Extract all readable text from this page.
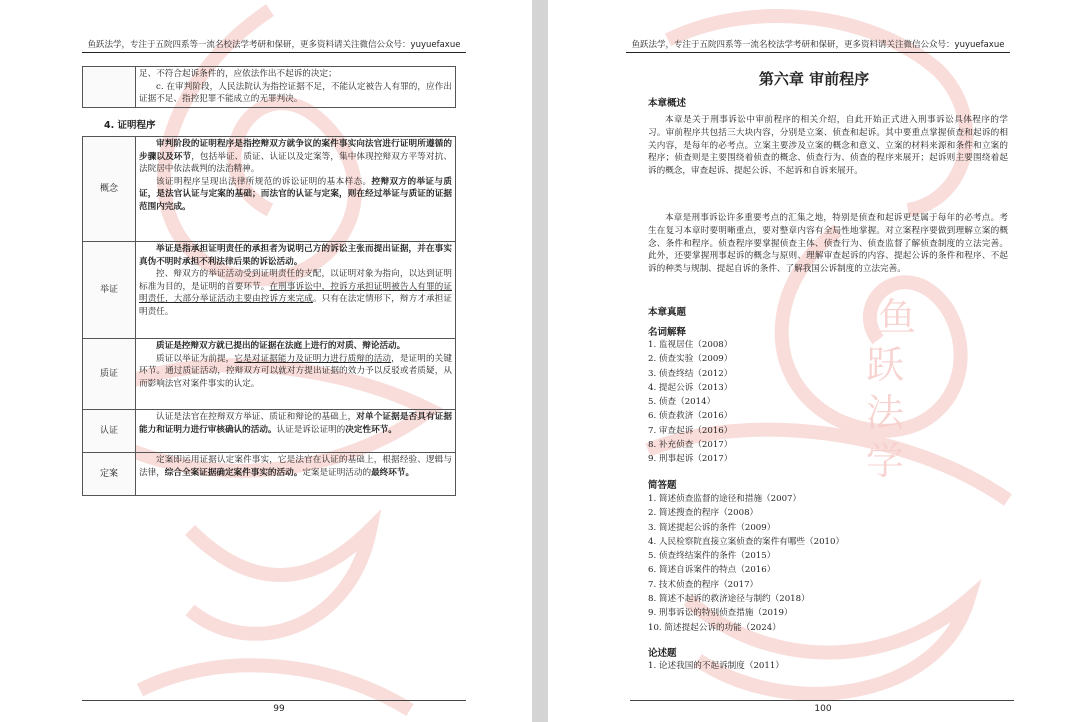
鱼跃法学，专注于五院四系等一流名校法学考研和保研，更多资料请关注微信公众号：yuyuefaxue

足、不符合起诉条件的，应依法作出不起诉的决定；
c. 在审判阶段，人民法院认为指控证据不足，不能认定被告人有罪的，应作出证据不足、指控犯罪不能成立的无罪判决。
4. 证明程序
概念	审判阶段的证明程序是指控辩双方就争议的案件事实向法官进行证明所遵循的步骤以及环节，包括举证、质证、认证以及定案等，集中体现控辩双方平等对抗、法院居中依法裁判的法治精神。
该证明程序呈现出法律所规范的诉讼证明的基本样态。控辩双方的举证与质证，是法官认证与定案的基础；而法官的认证与定案，则在经过举证与质证的证据范围内完成。

举证	举证是指承担证明责任的承担者为说明己方的诉讼主张而提出证据，并在事实真伪不明时承担不利法律后果的诉讼活动。
控、辩双方的举证活动受到证明责任的支配，以证明对象为指向，以达到证明标准为目的，是证明的首要环节。在刑事诉讼中，控诉方承担证明被告人有罪的证明责任，大部分举证活动主要由控诉方来完成。只有在法定情形下，辩方才承担证明责任。

质证	质证是控辩双方就已提出的证据在法庭上进行的对质、辩论活动。
质证以举证为前提，它是对证据能力及证明力进行质辩的活动，是证明的关键环节。通过质证活动，控辩双方可以就对方提出证据的效力予以反驳或者质疑，从而影响法官对案件事实的认定。

认证	认证是法官在控辩双方举证、质证和辩论的基础上，对单个证据是否具有证据能力和证明力进行审核确认的活动。认证是诉讼证明的决定性环节。

定案	定案即运用证据认定案件事实，它是法官在认证的基础上，根据经验、逻辑与法律，综合全案证据确定案件事实的活动。定案是证明活动的最终环节。
99
鱼
跃
法
学
鱼跃法学，专注于五院四系等一流名校法学考研和保研，更多资料请关注微信公众号：yuyuefaxue
第六章 审前程序
本章概述
本章是关于刑事诉讼中审前程序的相关介绍，自此开始正式进入刑事诉讼具体程序的学习。审前程序共包括三大块内容，分别是立案、侦查和起诉。其中要重点掌握侦查和起诉的相关内容，是每年的必考点。立案主要涉及立案的概念和意义、立案的材料来源和条件和立案的程序；侦查则是主要围绕着侦查的概念、侦查行为、侦查的程序来展开；起诉则主要围绕着起诉的概念，审查起诉、提起公诉、不起诉和自诉来展开。
本章是刑事诉讼许多重要考点的汇集之地，特别是侦查和起诉更是属于每年的必考点。考生在复习本章时要明晰重点，要对整章内容有全局性地掌握。对立案程序要做到理解立案的概念、条件和程序。侦查程序要掌握侦查主体、侦查行为、侦查监督了解侦查制度的立法完善。此外，还要掌握刑事起诉的概念与原则、理解审查起诉的内容、提起公诉的条件和程序、不起诉的种类与规制、提起自诉的条件、了解我国公诉制度的立法完善。
本章真题
名词解释
1. 监视居住（2008）
2. 侦查实验（2009）
3. 侦查终结（2012）
4. 提起公诉（2013）
5. 侦查（2014）
6. 侦查救济（2016）
7. 审查起诉（2016）
8. 补充侦查（2017）
9. 刑事起诉（2017）
简答题
1. 简述侦查监督的途径和措施（2007）
2. 简述搜查的程序（2008）
3. 简述提起公诉的条件（2009）
4. 人民检察院直接立案侦查的案件有哪些（2010）
5. 侦查终结案件的条件（2015）
6. 简述自诉案件的特点（2016）
7. 技术侦查的程序（2017）
8. 简述不起诉的救济途径与制约（2018）
9. 刑事诉讼的特别侦查措施（2019）
10. 简述提起公诉的功能（2024）
论述题
1. 论述我国的不起诉制度（2011）
100
